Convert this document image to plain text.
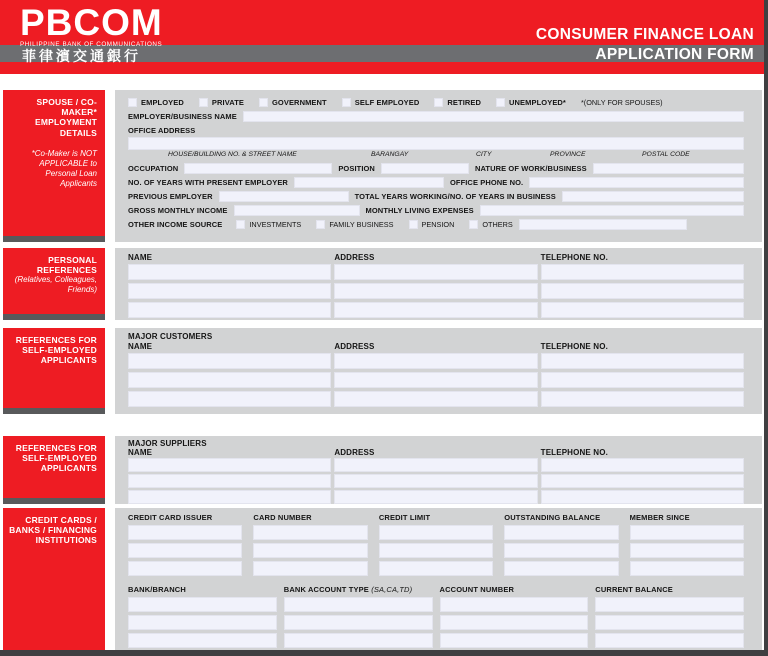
PBCOM
PHILIPPINE BANK OF COMMUNICATIONS
菲律濱交通銀行
CONSUMER FINANCE LOAN
APPLICATION FORM
SPOUSE / CO-MAKER* EMPLOYMENT DETAILS
*Co-Maker is NOT APPLICABLE to Personal Loan Applicants
EMPLOYED	PRIVATE	GOVERNMENT	SELF EMPLOYED	RETIRED	UNEMPLOYED* *(ONLY FOR SPOUSES)
EMPLOYER/BUSINESS NAME
OFFICE ADDRESS
HOUSE/BUILDING NO. & STREET NAME	BARANGAY	CITY	PROVINCE	POSTAL CODE
OCCUPATION	POSITION	NATURE OF WORK/BUSINESS
NO. OF YEARS WITH PRESENT EMPLOYER	OFFICE PHONE NO.
PREVIOUS EMPLOYER	TOTAL YEARS WORKING/NO. OF YEARS IN BUSINESS
GROSS MONTHLY INCOME	MONTHLY LIVING EXPENSES
OTHER INCOME SOURCE	INVESTMENTS	FAMILY BUSINESS	PENSION	OTHERS
PERSONAL REFERENCES
(Relatives, Colleagues, Friends)
NAME	ADDRESS	TELEPHONE NO.
REFERENCES FOR SELF-EMPLOYED APPLICANTS
MAJOR CUSTOMERS
NAME	ADDRESS	TELEPHONE NO.
REFERENCES FOR SELF-EMPLOYED APPLICANTS
MAJOR SUPPLIERS
NAME	ADDRESS	TELEPHONE NO.
CREDIT CARDS / BANKS / FINANCING INSTITUTIONS
CREDIT CARD ISSUER	CARD NUMBER	CREDIT LIMIT	OUTSTANDING BALANCE	MEMBER SINCE
BANK/BRANCH	BANK ACCOUNT TYPE (SA,CA,TD)	ACCOUNT NUMBER	CURRENT BALANCE
